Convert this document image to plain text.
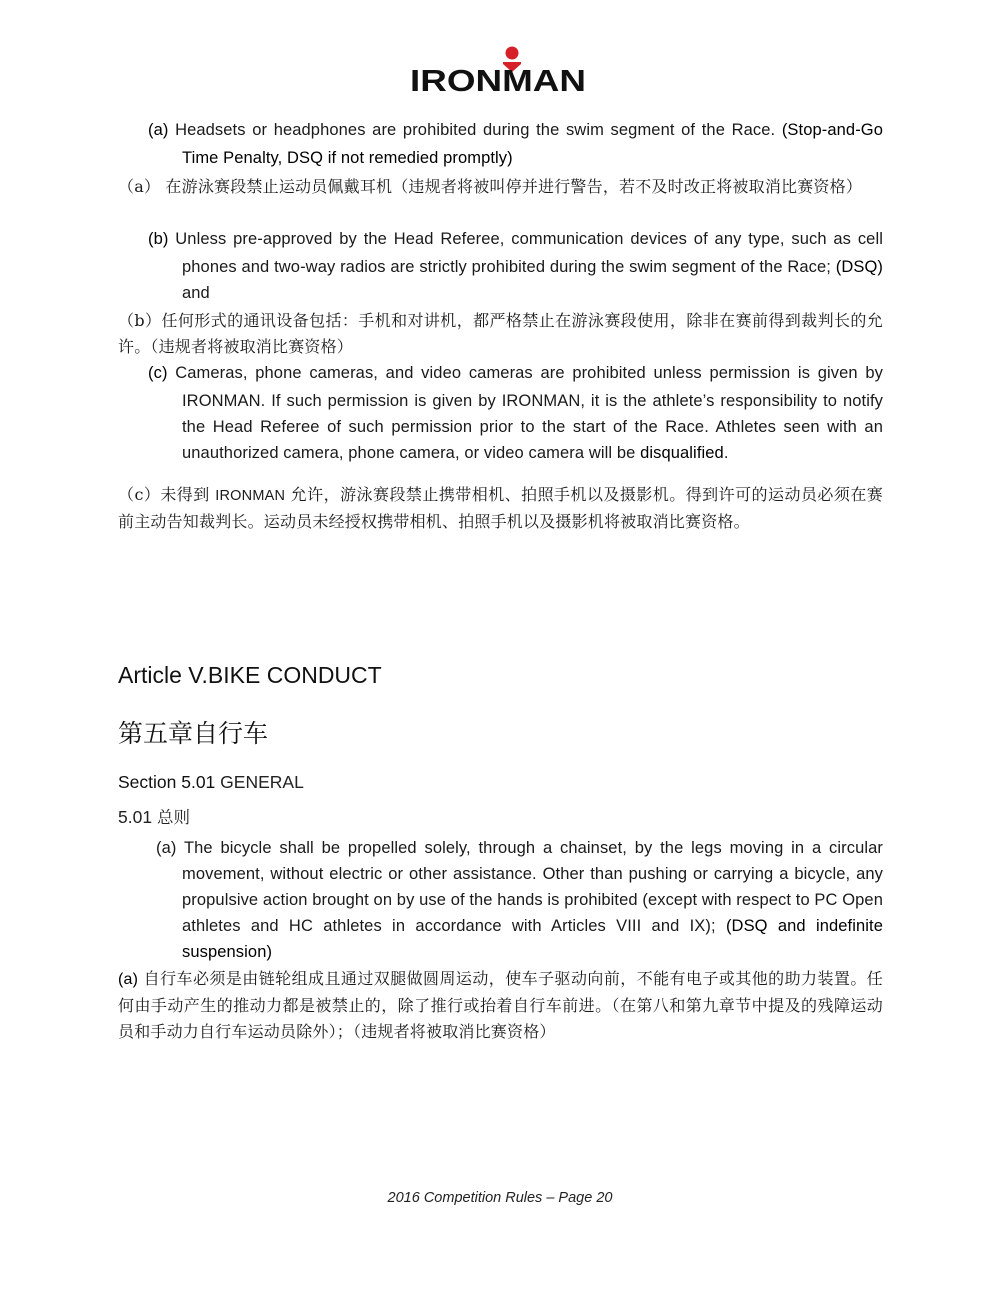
IRONMAN
(a) Headsets or headphones are prohibited during the swim segment of the Race. (Stop-and-Go Time Penalty, DSQ if not remedied promptly)
（a） 在游泳赛段禁止运动员佩戴耳机（违规者将被叫停并进行警告，若不及时改正将被取消比赛资格）
(b) Unless pre-approved by the Head Referee, communication devices of any type, such as cell phones and two-way radios are strictly prohibited during the swim segment of the Race; (DSQ) and
（b）任何形式的通讯设备包括：手机和对讲机，都严格禁止在游泳赛段使用，除非在赛前得到裁判长的允许。（违规者将被取消比赛资格）
(c) Cameras, phone cameras, and video cameras are prohibited unless permission is given by IRONMAN. If such permission is given by IRONMAN, it is the athlete’s responsibility to notify the Head Referee of such permission prior to the start of the Race. Athletes seen with an unauthorized camera, phone camera, or video camera will be disqualified.
（c）未得到 IRONMAN 允许，游泳赛段禁止携带相机、拍照手机以及摄影机。得到许可的运动员必须在赛前主动告知裁判长。运动员未经授权携带相机、拍照手机以及摄影机将被取消比赛资格。
Article V.BIKE CONDUCT
第五章自行车
Section 5.01 GENERAL
5.01 总则
(a) The bicycle shall be propelled solely, through a chainset, by the legs moving in a circular movement, without electric or other assistance. Other than pushing or carrying a bicycle, any propulsive action brought on by use of the hands is prohibited (except with respect to PC Open athletes and HC athletes in accordance with Articles VIII and IX); (DSQ and indefinite suspension)
(a) 自行车必须是由链轮组成且通过双腿做圆周运动，使车子驱动向前，不能有电子或其他的助力装置。任何由手动产生的推动力都是被禁止的，除了推行或抬着自行车前进。（在第八和第九章节中提及的残障运动员和手动力自行车运动员除外）；（违规者将被取消比赛资格）
2016 Competition Rules – Page 20
